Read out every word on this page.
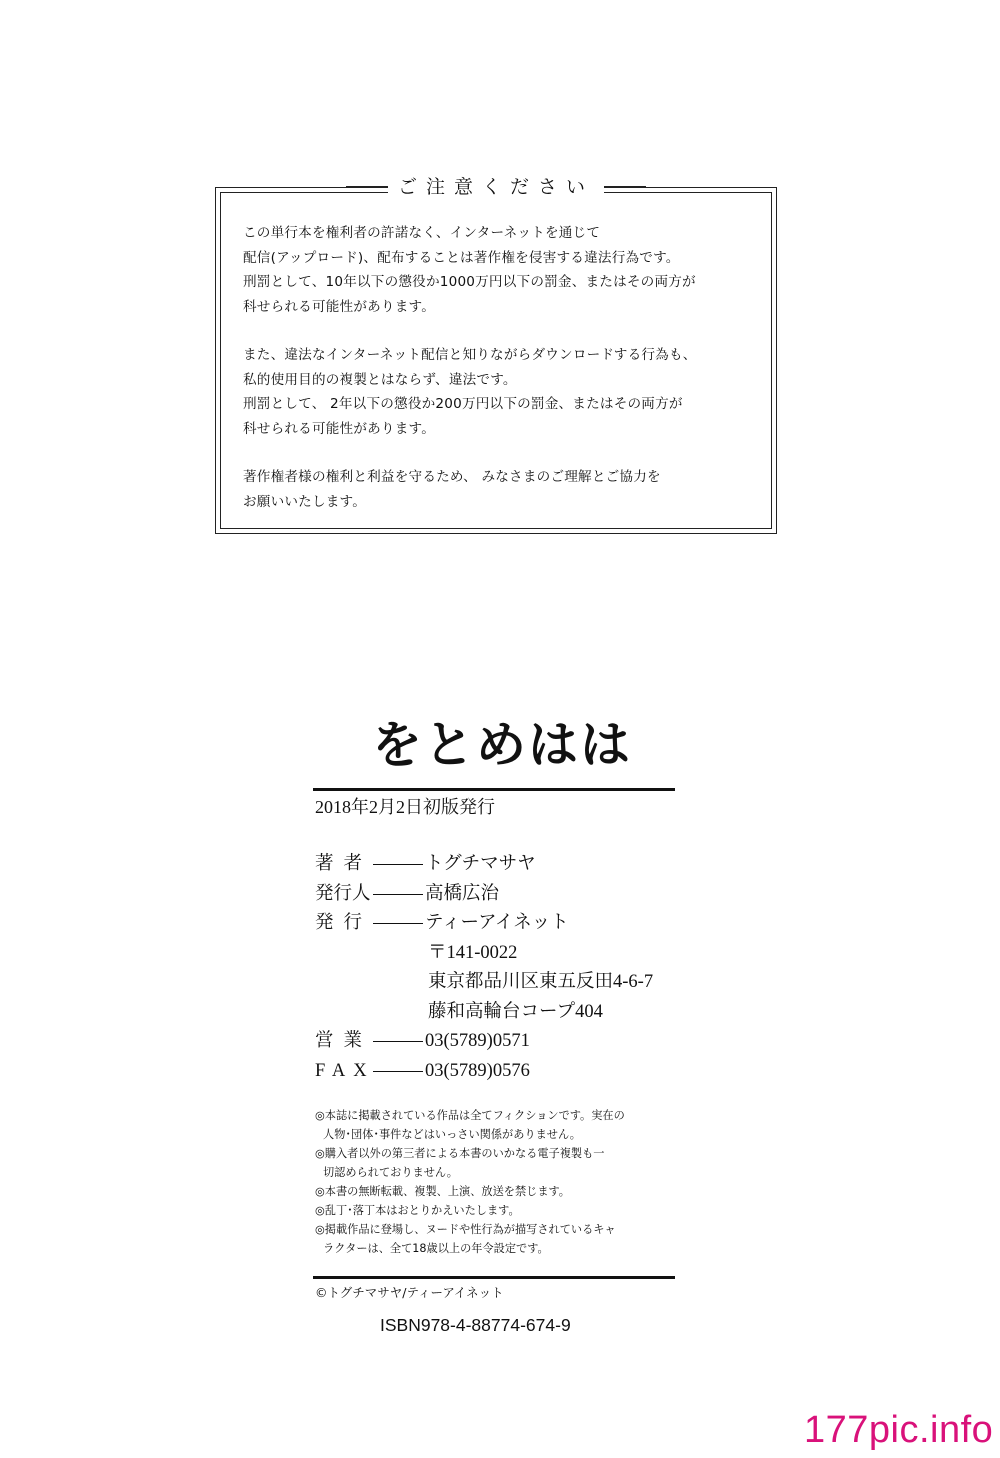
ご注意ください
この単行本を権利者の許諾なく、インターネットを通じて
配信(アップロード)、配布することは著作権を侵害する違法行為です。
刑罰として、10年以下の懲役か1000万円以下の罰金、またはその両方が
科せられる可能性があります。
また、違法なインターネット配信と知りながらダウンロードする行為も、
私的使用目的の複製とはならず、違法です。
刑罰として、 2年以下の懲役か200万円以下の罰金、またはその両方が
科せられる可能性があります。
著作権者様の権利と利益を守るため、 みなさまのご理解とご協力を
お願いいたします。
をとめはは
2018年2月2日初版発行
著者	トグチマサヤ
発行人	高橋広治
発行	ティーアイネット
〒141-0022
東京都品川区東五反田4-6-7
藤和高輪台コープ404
営業	03(5789)0571
FAX	03(5789)0576
◎本誌に掲載されている作品は全てフィクションです。実在の
人物･団体･事件などはいっさい関係がありません。
◎購入者以外の第三者による本書のいかなる電子複製も一
切認められておりません。
◎本書の無断転載、複製、上演、放送を禁じます。
◎乱丁･落丁本はおとりかえいたします。
◎掲載作品に登場し、ヌードや性行為が描写されているキャ
ラクターは、全て18歳以上の年令設定です。
©トグチマサヤ/ティーアイネット
ISBN978-4-88774-674-9
177pic.info
